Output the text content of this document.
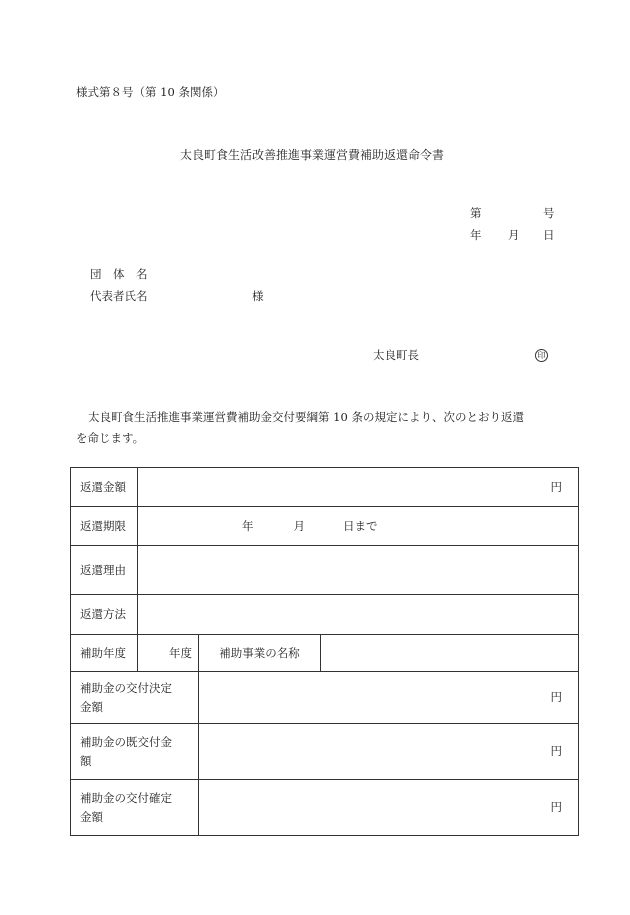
様式第８号（第 10 条関係）
太良町食生活改善推進事業運営費補助返還命令書
第	号
年 月 日
団　体　名
代表者氏名	様
太良町長	印
太良町食生活推進事業運営費補助金交付要綱第 10 条の規定により、次のとおり返還
を命じます。
返還金額	円		
返還期限	年 月 日まで		
返還理由			
返還方法			
補助年度	年度	補助事業の名称	

補助金の交付決定
金額		円	

補助金の既交付金
額		円	

補助金の交付確定
金額		円	
